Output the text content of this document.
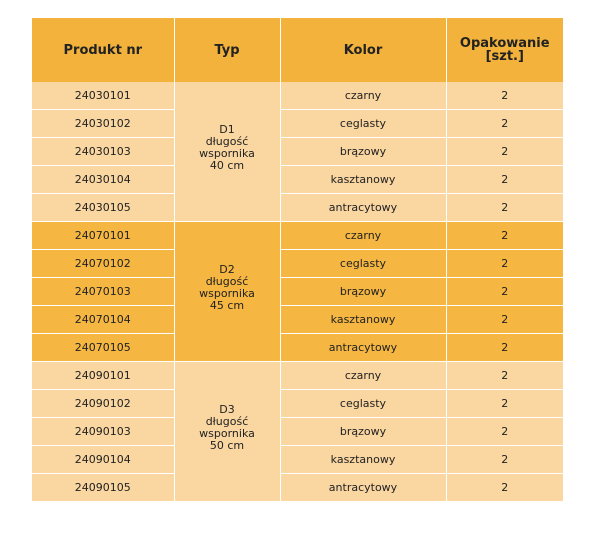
Produkt nr	Typ	Kolor	Opakowanie
[szt.]

24030101	D1
długość
wspornika
40 cm	czarny	2
24030102		ceglasty	2
24030103		brązowy	2
24030104		kasztanowy	2
24030105		antracytowy	2
24070101	D2
długość
wspornika
45 cm	czarny	2
24070102		ceglasty	2
24070103		brązowy	2
24070104		kasztanowy	2
24070105		antracytowy	2
24090101	D3
długość
wspornika
50 cm	czarny	2
24090102		ceglasty	2
24090103		brązowy	2
24090104		kasztanowy	2
24090105		antracytowy	2
